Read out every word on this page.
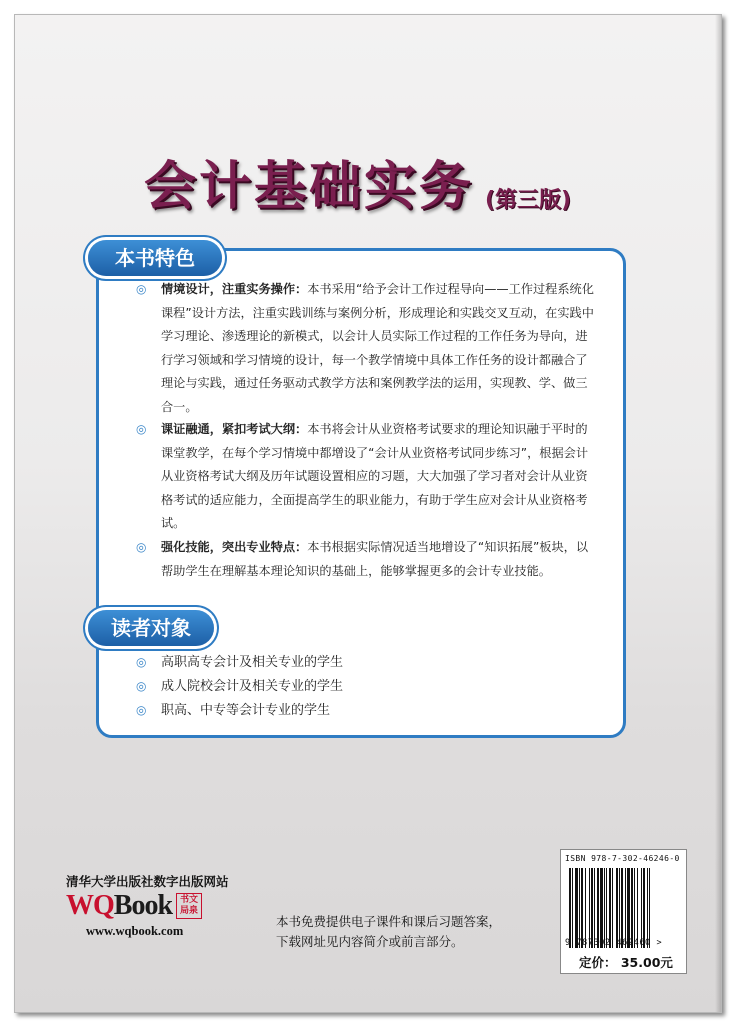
会计基础实务 (第三版)
本书特色
◎ 情境设计，注重实务操作：本书采用“给予会计工作过程导向——工作过程系统化课程”设计方法，注重实践训练与案例分析，形成理论和实践交叉互动，在实践中学习理论、渗透理论的新模式，以会计人员实际工作过程的工作任务为导向，进行学习领域和学习情境的设计，每一个教学情境中具体工作任务的设计都融合了理论与实践，通过任务驱动式教学方法和案例教学法的运用，实现教、学、做三合一。
◎ 课证融通，紧扣考试大纲：本书将会计从业资格考试要求的理论知识融于平时的课堂教学，在每个学习情境中都增设了“会计从业资格考试同步练习”，根据会计从业资格考试大纲及历年试题设置相应的习题，大大加强了学习者对会计从业资格考试的适应能力，全面提高学生的职业能力，有助于学生应对会计从业资格考试。
◎ 强化技能，突出专业特点：本书根据实际情况适当地增设了“知识拓展”板块，以帮助学生在理解基本理论知识的基础上，能够掌握更多的会计专业技能。
读者对象
◎ 高职高专会计及相关专业的学生
◎ 成人院校会计及相关专业的学生
◎ 职高、中专等会计专业的学生
清华大学出版社数字出版网站
WQBook 书文局泉
www.wqbook.com
本书免费提供电子课件和课后习题答案，
下载网址见内容简介或前言部分。
ISBN 978-7-302-46246-0
9 787302 462460 >
定价： 35.00元
